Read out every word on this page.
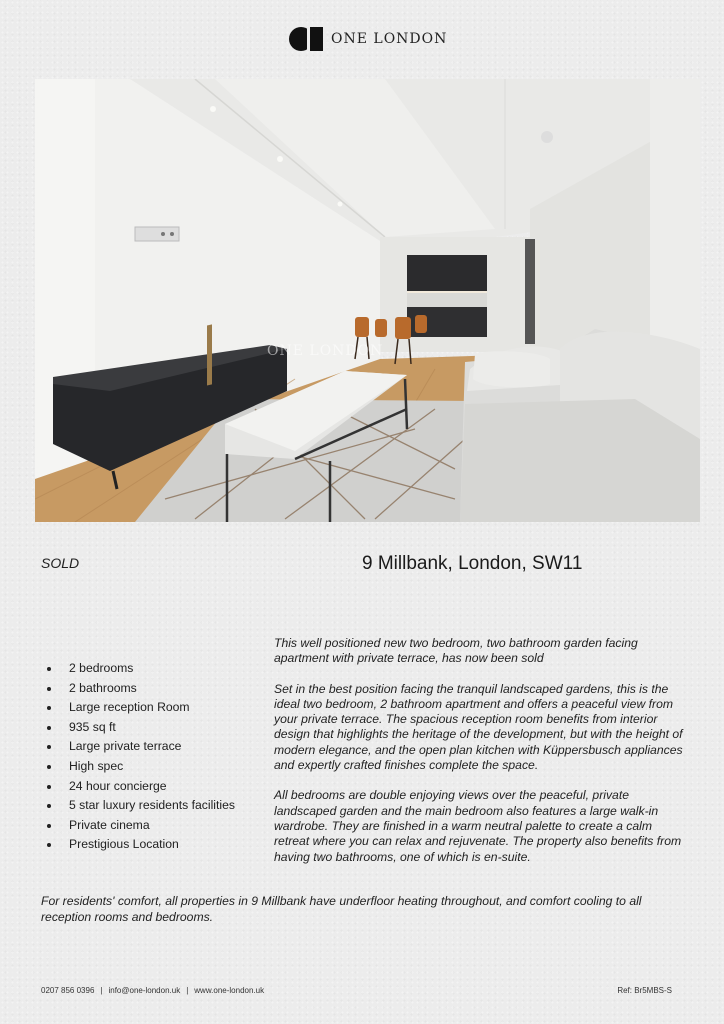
ONE LONDON
ONE LONDON
SOLD	9 Millbank, London, SW11
2 bedrooms
2 bathrooms
Large reception Room
935 sq ft
Large private terrace
High spec
24 hour concierge
5 star luxury residents facilities
Private cinema
Prestigious Location

This well positioned new two bedroom, two bathroom garden facing apartment with private terrace, has now been sold

Set in the best position facing the tranquil landscaped gardens, this is the ideal two bedroom, 2 bathroom apartment and offers a peaceful view from your private terrace. The spacious reception room benefits from interior design that highlights the heritage of the development, but with the height of modern elegance, and the open plan kitchen with Küppersbusch appliances and expertly crafted finishes complete the space.

All bedrooms are double enjoying views over the peaceful, private landscaped garden and the main bedroom also features a large walk-in wardrobe. They are finished in a warm neutral palette to create a calm retreat where you can relax and rejuvenate. The property also benefits from having two bathrooms, one of which is en-suite.

For residents' comfort, all properties in 9 Millbank have underfloor heating throughout, and comfort cooling to all reception rooms and bedrooms.

0207 856 0396 | info@one-london.uk | www.one-london.uk	Ref: Br5MBS-S
